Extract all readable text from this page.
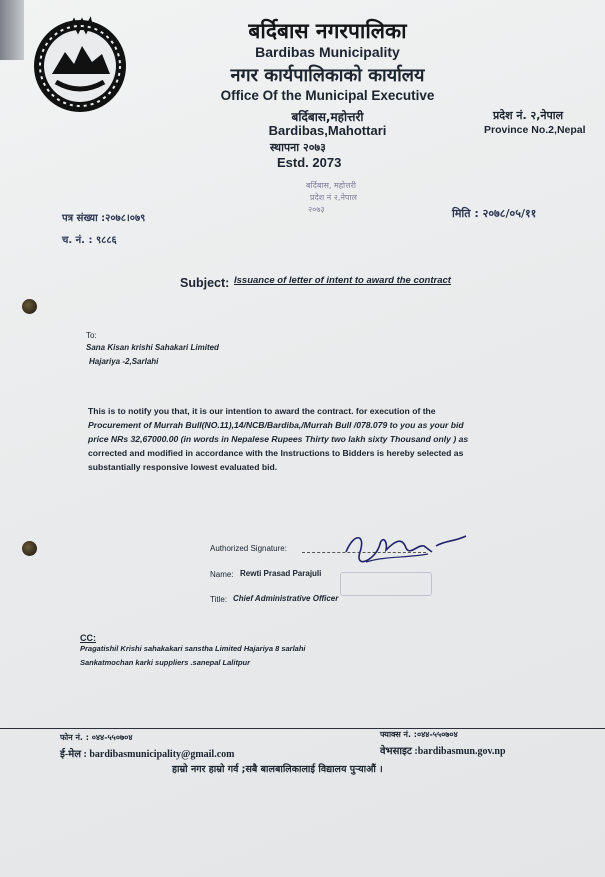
बर्दिबास नगरपालिका
Bardibas Municipality
नगर कार्यपालिकाको कार्यालय
Office Of the Municipal Executive
बर्दिबास,महोत्तरी
Bardibas,Mahottari
स्थापना २०७३
Estd. 2073
प्रदेश नं. २,नेपाल
Province No.2,Nepal
बर्दिबास, महोत्तरी
प्रदेश नं २,नेपाल
२०७३
पत्र संख्या :२०७८।०७९
च. नं. : ९८८६
मिति : २०७८/०५/११
Subject: Issuance of letter of intent to award the contract
To:
Sana Kisan krishi Sahakari Limited
Hajariya -2,Sarlahi
This is to notify you that, it is our intention to award the contract. for execution of the
Procurement of Murrah Bull(NO.11),14/NCB/Bardiba,/Murrah Bull /078.079 to you as your bid
price NRs 32,67000.00 (in words in Nepalese Rupees Thirty two lakh sixty Thousand only ) as
corrected and modified in accordance with the Instructions to Bidders is hereby selected as
substantially responsive lowest evaluated bid.
Authorized Signature:
Name: Rewti Prasad Parajuli
Title: Chief Administrative Officer
CC:
Pragatishil Krishi sahakakari sanstha Limited Hajariya 8 sarlahi
Sankatmochan karki suppliers .sanepal Lalitpur
फोन नं. : ०४४-५५०७०४	फ्याक्स नं. :०४४-५५०७०४
ई-मेल : bardibasmunicipality@gmail.com	वेभसाइट :bardibasmun.gov.np
हाम्रो नगर हाम्रो गर्व ;सबै बालबालिकालाई विद्यालय पुऱ्याऔं ।
